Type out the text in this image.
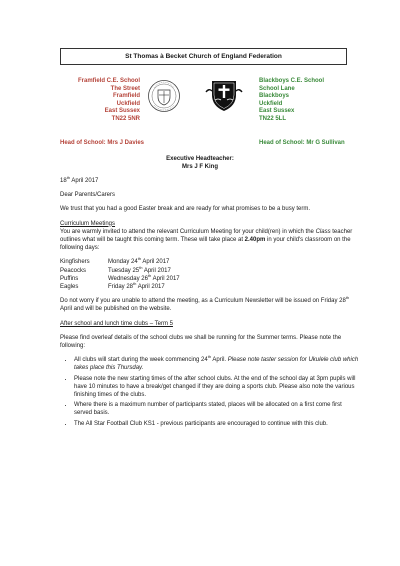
St Thomas à Becket Church of England Federation
Framfield C.E. School
The Street
Framfield
Uckfield
East Sussex
TN22 5NR
Blackboys C.E. School
School Lane
Blackboys
Uckfield
East Sussex
TN22 5LL
Head of School: Mrs J Davies	Head of School: Mr G Sullivan
Executive Headteacher:
Mrs J F King

18th April 2017

Dear Parents/Carers

We trust that you had a good Easter break and are ready for what promises to be a busy term.

Curriculum Meetings

You are warmly invited to attend the relevant Curriculum Meeting for your child(ren) in which the Class teacher outlines what will be taught this coming term. These will take place at 2.40pm in your child's classroom on the following days:

Kingfishers	Monday 24th April 2017
Peacocks	Tuesday 25th April 2017
Puffins	Wednesday 26th April 2017
Eagles	Friday 28th April 2017

Do not worry if you are unable to attend the meeting, as a Curriculum Newsletter will be issued on Friday 28th April and will be published on the website.

After school and lunch time clubs – Term 5

Please find overleaf details of the school clubs we shall be running for the Summer terms. Please note the following:

• All clubs will start during the week commencing 24th April. Please note taster session for Ukulele club which takes place this Thursday.
• Please note the new starting times of the after school clubs. At the end of the school day at 3pm pupils will have 10 minutes to have a break/get changed if they are doing a sports club. Please also note the various finishing times of the clubs.
• Where there is a maximum number of participants stated, places will be allocated on a first come first served basis.
• The All Star Football Club KS1 - previous participants are encouraged to continue with this club.
